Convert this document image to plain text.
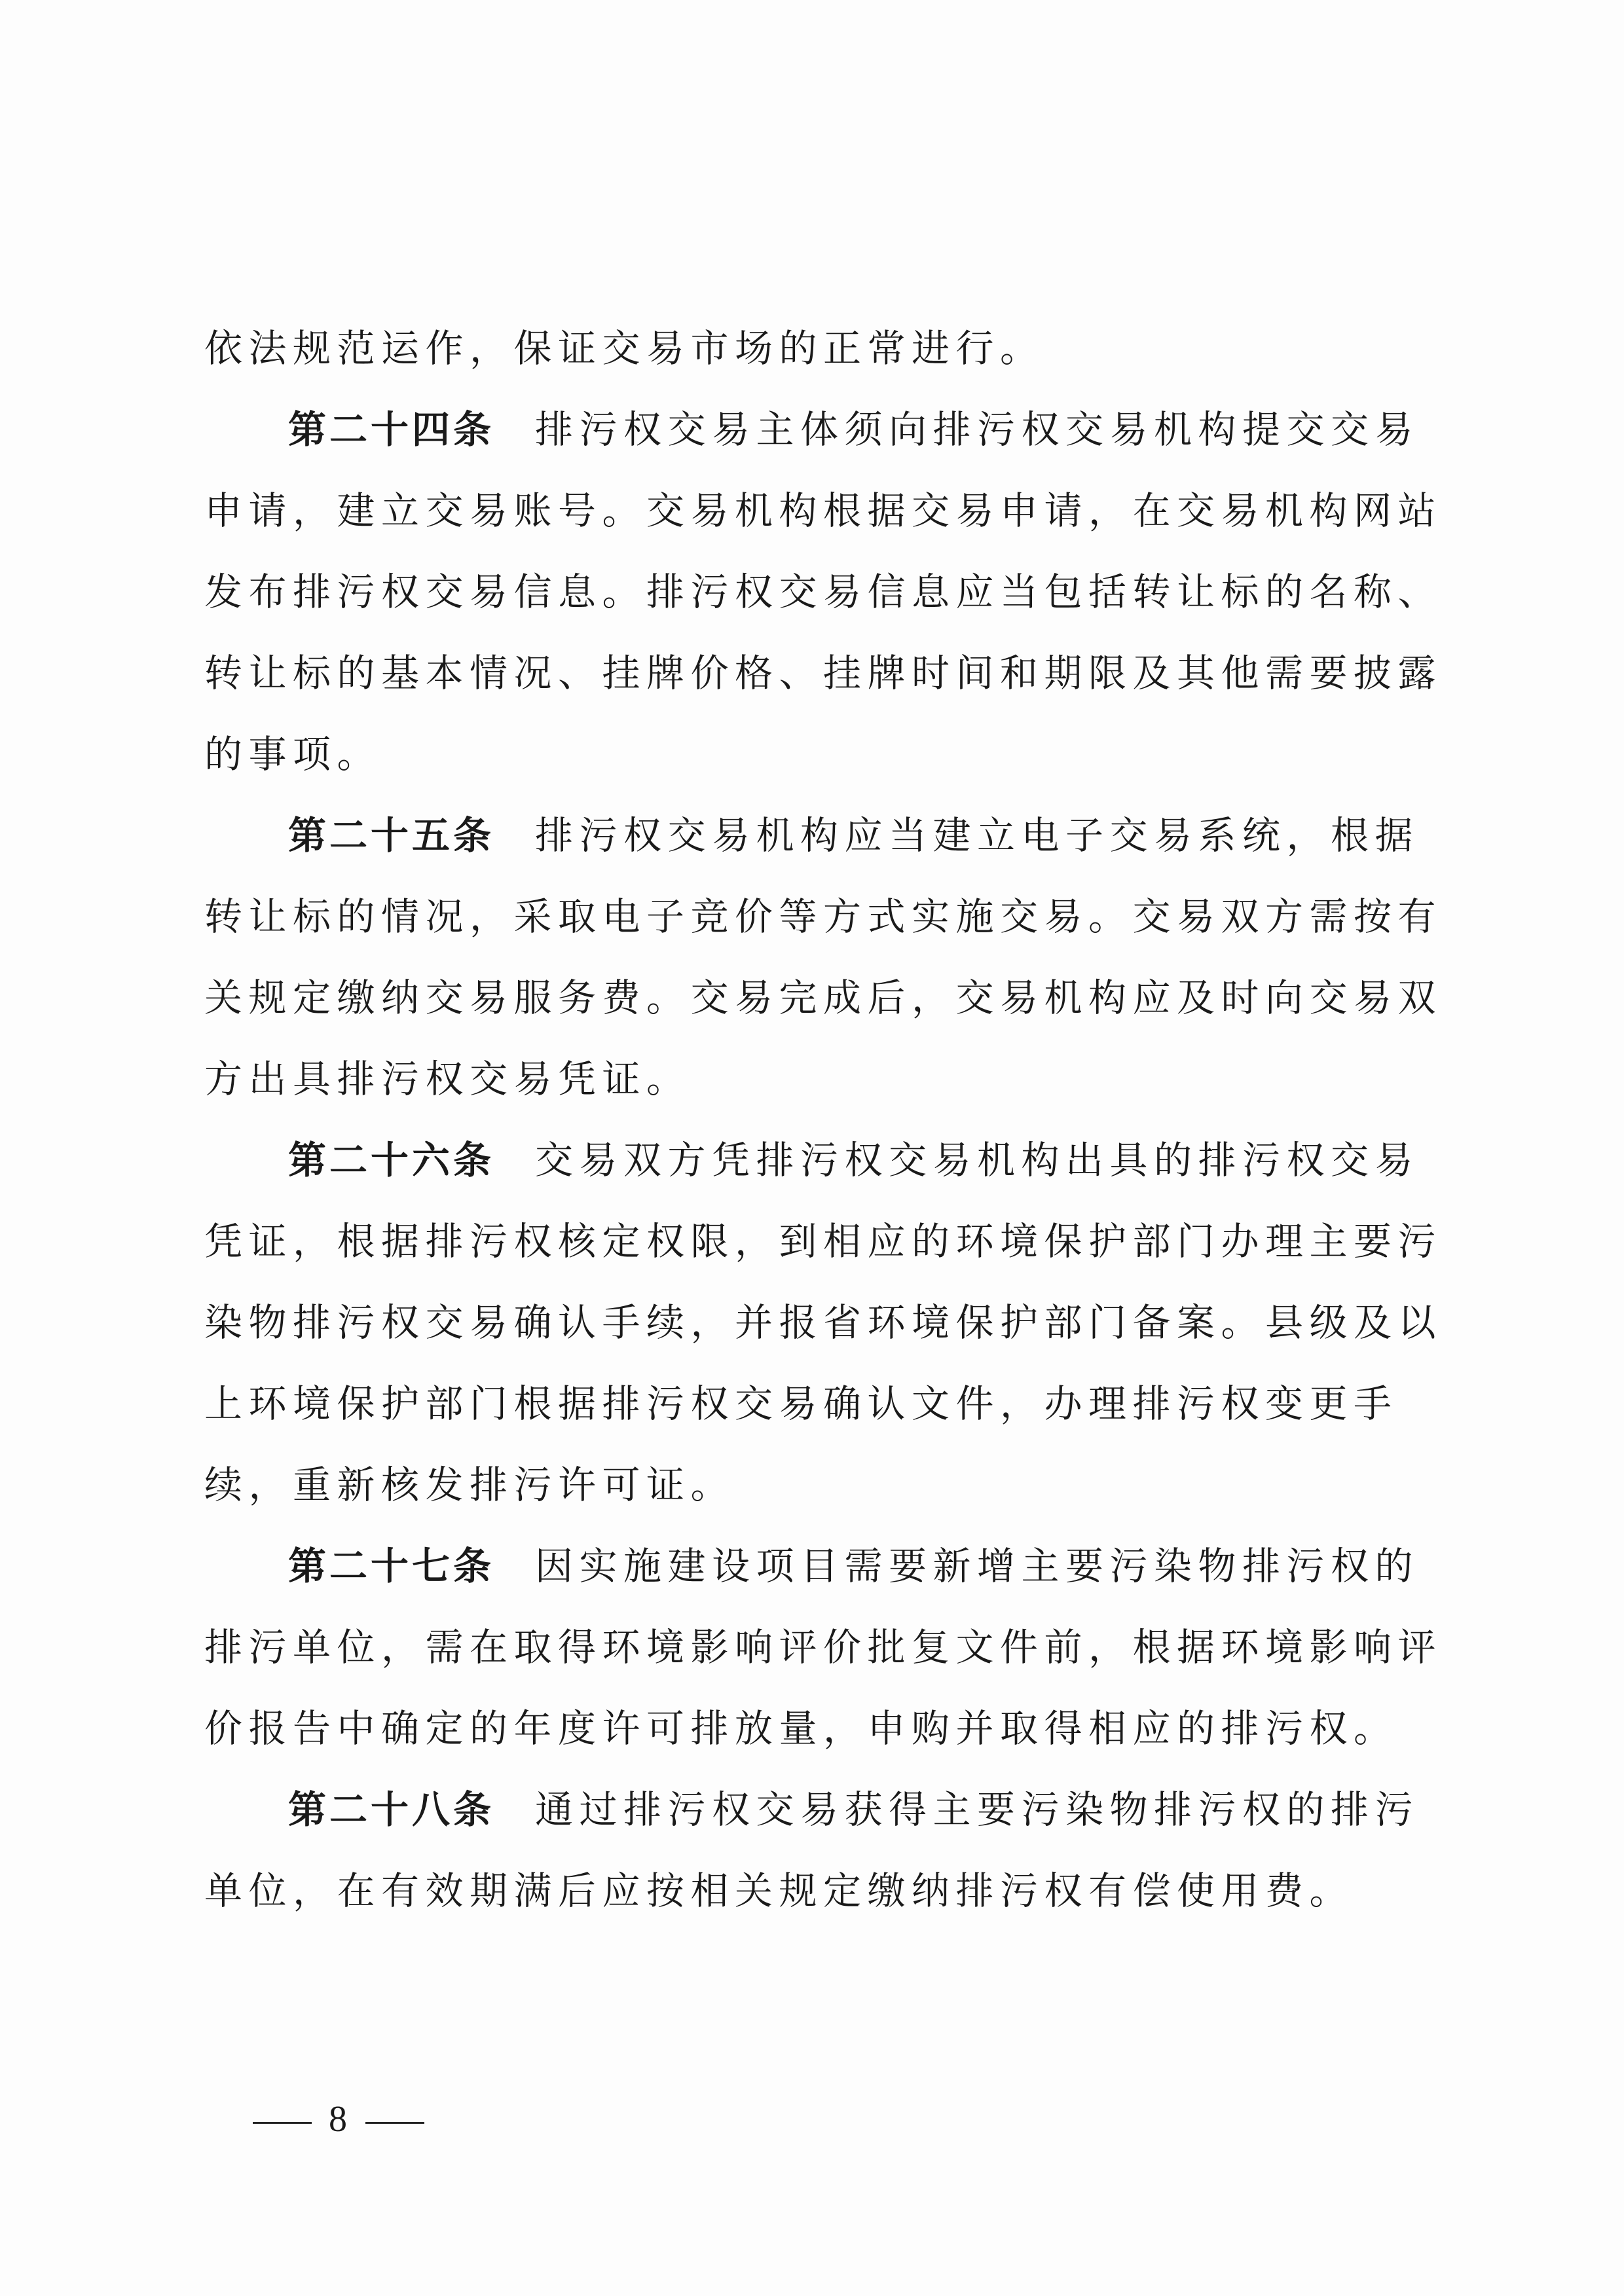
依法规范运作，保证交易市场的正常进行。
第二十四条 排污权交易主体须向排污权交易机构提交交易
申请，建立交易账号。交易机构根据交易申请，在交易机构网站
发布排污权交易信息。排污权交易信息应当包括转让标的名称、
转让标的基本情况、挂牌价格、挂牌时间和期限及其他需要披露
的事项。
第二十五条 排污权交易机构应当建立电子交易系统，根据
转让标的情况，采取电子竞价等方式实施交易。交易双方需按有
关规定缴纳交易服务费。交易完成后，交易机构应及时向交易双
方出具排污权交易凭证。
第二十六条 交易双方凭排污权交易机构出具的排污权交易
凭证，根据排污权核定权限，到相应的环境保护部门办理主要污
染物排污权交易确认手续，并报省环境保护部门备案。县级及以
上环境保护部门根据排污权交易确认文件，办理排污权变更手
续，重新核发排污许可证。
第二十七条 因实施建设项目需要新增主要污染物排污权的
排污单位，需在取得环境影响评价批复文件前，根据环境影响评
价报告中确定的年度许可排放量，申购并取得相应的排污权。
第二十八条 通过排污权交易获得主要污染物排污权的排污
单位，在有效期满后应按相关规定缴纳排污权有偿使用费。
8
